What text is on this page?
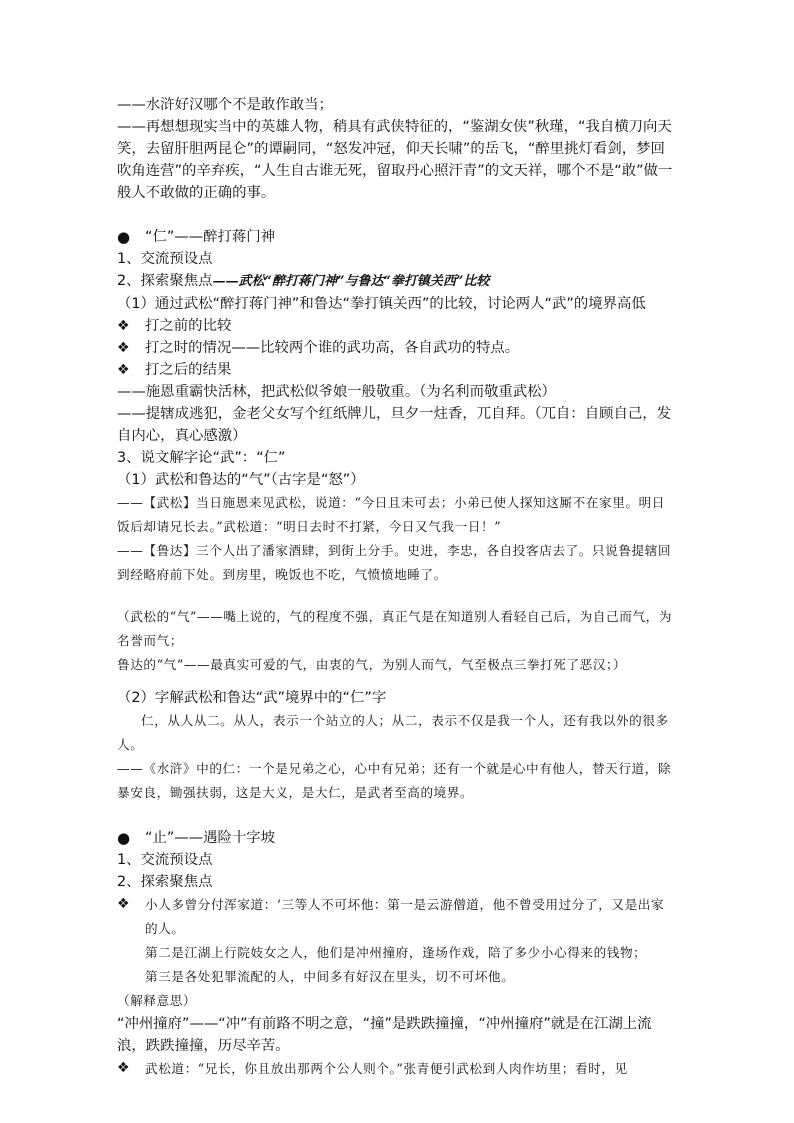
——水浒好汉哪个不是敢作敢当；

——再想想现实当中的英雄人物，稍具有武侠特征的，“鉴湖女侠”秋瑾，“我自横刀向天笑，去留肝胆两昆仑”的谭嗣同，“怒发冲冠，仰天长啸”的岳飞，“醉里挑灯看剑，梦回吹角连营”的辛弃疾，“人生自古谁无死，留取丹心照汗青”的文天祥，哪个不是“敢”做一般人不敢做的正确的事。

●	“仁”——醉打蒋门神

1、交流预设点

2、探索聚焦点——武松“醉打蒋门神”与鲁达“拳打镇关西”比较

（1）通过武松“醉打蒋门神”和鲁达“拳打镇关西”的比较，讨论两人“武”的境界高低

❖	打之前的比较
❖	打之时的情况——比较两个谁的武功高，各自武功的特点。
❖	打之后的结果

——施恩重霸快活林，把武松似爷娘一般敬重。（为名利而敬重武松）

——提辖成逃犯，金老父女写个红纸牌儿，旦夕一炷香，兀自拜。（兀自：自顾自己，发自内心，真心感激）

3、说文解字论“武”：“仁”

（1）武松和鲁达的“气”（古字是“怒”）

——【武松】当日施恩来见武松，说道：“今日且未可去；小弟已使人探知这厮不在家里。明日饭后却请兄长去。”武松道：“明日去时不打紧，今日又气我一日！”

——【鲁达】三个人出了潘家酒肆，到街上分手。史进，李忠，各自投客店去了。只说鲁提辖回到经略府前下处。到房里，晚饭也不吃，气愤愤地睡了。

（武松的“气”——嘴上说的，气的程度不强，真正气是在知道别人看轻自己后，为自己而气，为名誉而气；

鲁达的“气”——最真实可爱的气，由衷的气，为别人而气，气至极点三拳打死了恶汉；）

（2）字解武松和鲁达“武”境界中的“仁”字

仁，从人从二。从人，表示一个站立的人；从二，表示不仅是我一个人，还有我以外的很多人。

——《水浒》中的仁：一个是兄弟之心，心中有兄弟；还有一个就是心中有他人，替天行道，除暴安良，锄强扶弱，这是大义，是大仁，是武者至高的境界。

●	“止”——遇险十字坡

1、交流预设点

2、探索聚焦点

❖	小人多曾分付浑家道：‘三等人不可坏他：第一是云游僧道，他不曾受用过分了，又是出家的人。

第二是江湖上行院妓女之人，他们是冲州撞府，逢场作戏，陪了多少小心得来的钱物；

第三是各处犯罪流配的人，中间多有好汉在里头，切不可坏他。

（解释意思）

“冲州撞府”——“冲”有前路不明之意，“撞”是跌跌撞撞，“冲州撞府”就是在江湖上流浪，跌跌撞撞，历尽辛苦。

❖	武松道：“兄长，你且放出那两个公人则个。”张青便引武松到人肉作坊里；看时，见
